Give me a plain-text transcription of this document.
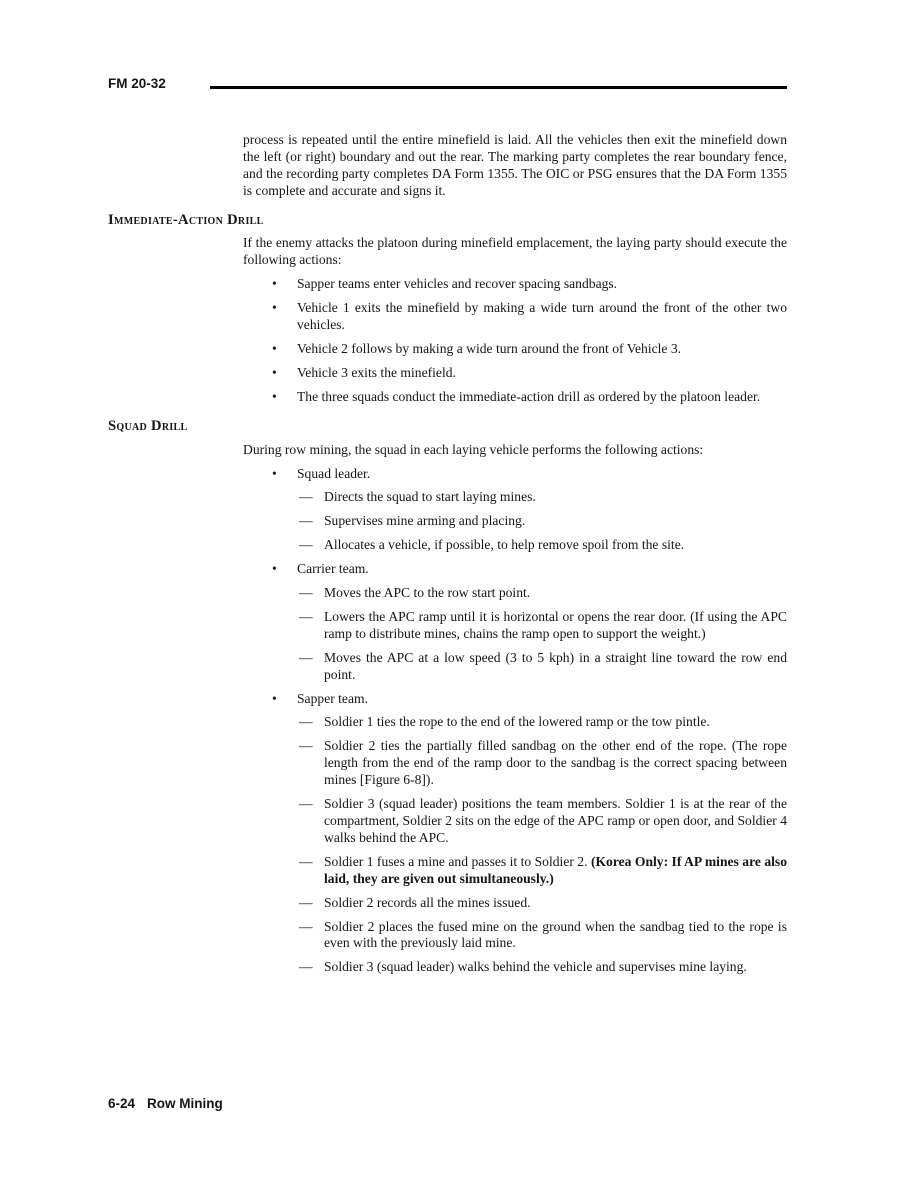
FM 20-32

process is repeated until the entire minefield is laid. All the vehicles then exit the minefield down the left (or right) boundary and out the rear. The marking party completes the rear boundary fence, and the recording party completes DA Form 1355. The OIC or PSG ensures that the DA Form 1355 is complete and accurate and signs it.

Immediate-Action Drill

If the enemy attacks the platoon during minefield emplacement, the laying party should execute the following actions:

•	Sapper teams enter vehicles and recover spacing sandbags.
•	Vehicle 1 exits the minefield by making a wide turn around the front of the other two vehicles.
•	Vehicle 2 follows by making a wide turn around the front of Vehicle 3.
•	Vehicle 3 exits the minefield.
•	The three squads conduct the immediate-action drill as ordered by the platoon leader.
Squad Drill

During row mining, the squad in each laying vehicle performs the following actions:

•	Squad leader.
— Directs the squad to start laying mines.
— Supervises mine arming and placing.
— Allocates a vehicle, if possible, to help remove spoil from the site.
•	Carrier team.
— Moves the APC to the row start point.
— Lowers the APC ramp until it is horizontal or opens the rear door. (If using the APC ramp to distribute mines, chains the ramp open to support the weight.)
— Moves the APC at a low speed (3 to 5 kph) in a straight line toward the row end point.
•	Sapper team.
— Soldier 1 ties the rope to the end of the lowered ramp or the tow pintle.
— Soldier 2 ties the partially filled sandbag on the other end of the rope. (The rope length from the end of the ramp door to the sandbag is the correct spacing between mines [Figure 6-8]).
— Soldier 3 (squad leader) positions the team members. Soldier 1 is at the rear of the compartment, Soldier 2 sits on the edge of the APC ramp or open door, and Soldier 4 walks behind the APC.
— Soldier 1 fuses a mine and passes it to Soldier 2. (Korea Only: If AP mines are also laid, they are given out simultaneously.)
— Soldier 2 records all the mines issued.
— Soldier 2 places the fused mine on the ground when the sandbag tied to the rope is even with the previously laid mine.
— Soldier 3 (squad leader) walks behind the vehicle and supervises mine laying.
6-24 Row Mining
